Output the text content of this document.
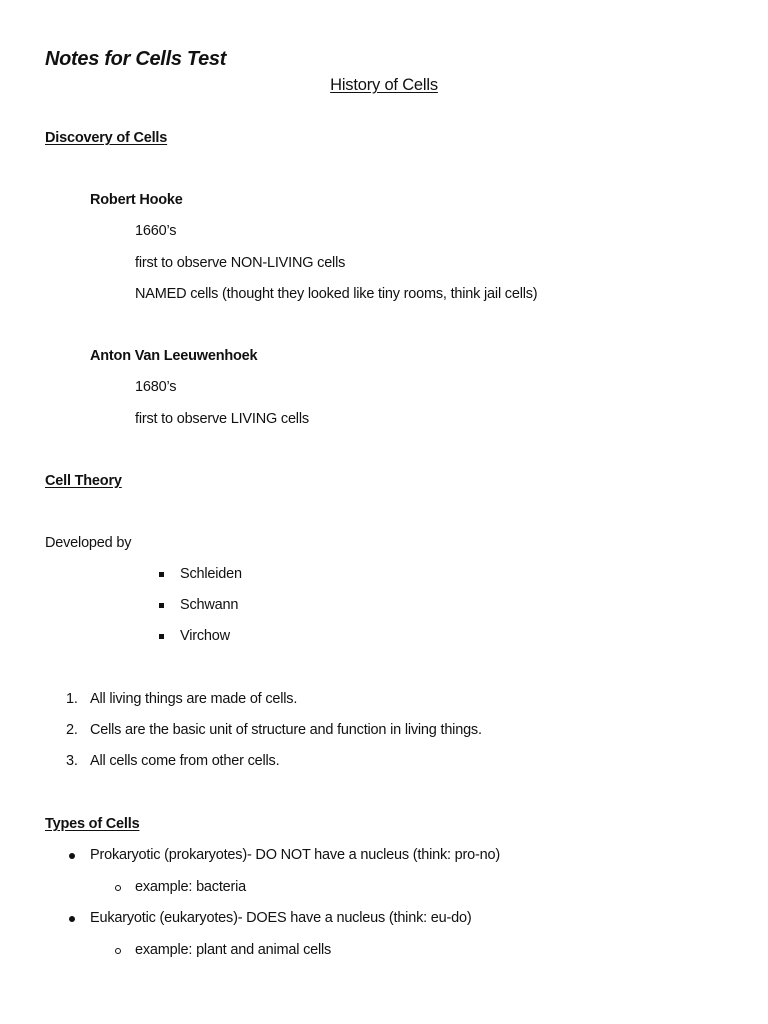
Notes for Cells Test
History of Cells
Discovery of Cells
Robert Hooke
1660’s
first to observe NON-LIVING cells
NAMED cells (thought they looked like tiny rooms, think jail cells)
Anton Van Leeuwenhoek
1680’s
first to observe LIVING cells
Cell Theory
Developed by
Schleiden
Schwann
Virchow
1. All living things are made of cells.
2. Cells are the basic unit of structure and function in living things.
3. All cells come from other cells.
Types of Cells
Prokaryotic (prokaryotes)- DO NOT have a nucleus (think: pro-no)
example: bacteria
Eukaryotic (eukaryotes)- DOES have a nucleus (think: eu-do)
example: plant and animal cells
